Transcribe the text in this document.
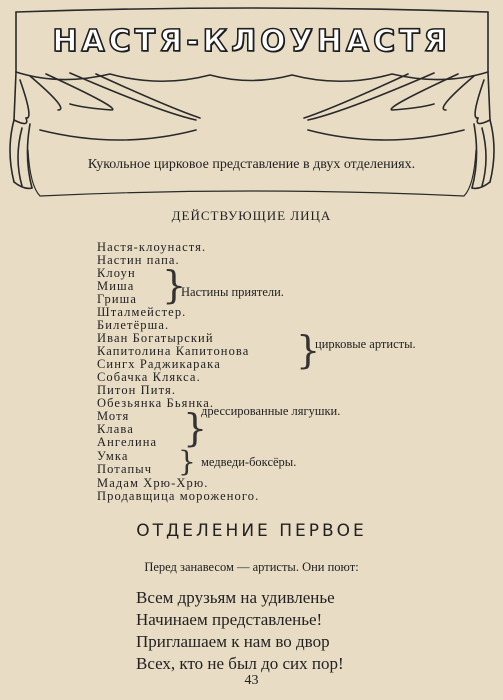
НАСТЯ-КЛОУНАСТЯ
Кукольное цирковое представление в двух отделениях.
ДЕЙСТВУЮЩИЕ ЛИЦА
Настя-клоунастя.
Настин папа.
Клоун
Миша
Гриша
Шталмейстер.
Билетёрша.
Иван Богатырский
Капитолина Капитонова
Сингх Раджикаракa
Собачка Клякса.
Питон Питя.
Обезьянка Бьянка.
Мотя
Клава
Ангелина
Умка
Потапыч
Мадам Хрю-Хрю.
Продавщица мороженого.
}
Настины приятели.
}
цирковые артисты.
}
дрессированные лягушки.
} медведи-боксёры.
ОТДЕЛЕНИЕ ПЕРВОЕ
Перед занавесом — артисты. Они поют:
Всем друзьям на удивленье
Начинаем представленье!
Приглашаем к нам во двор
Всех, кто не был до сих пор!
43
